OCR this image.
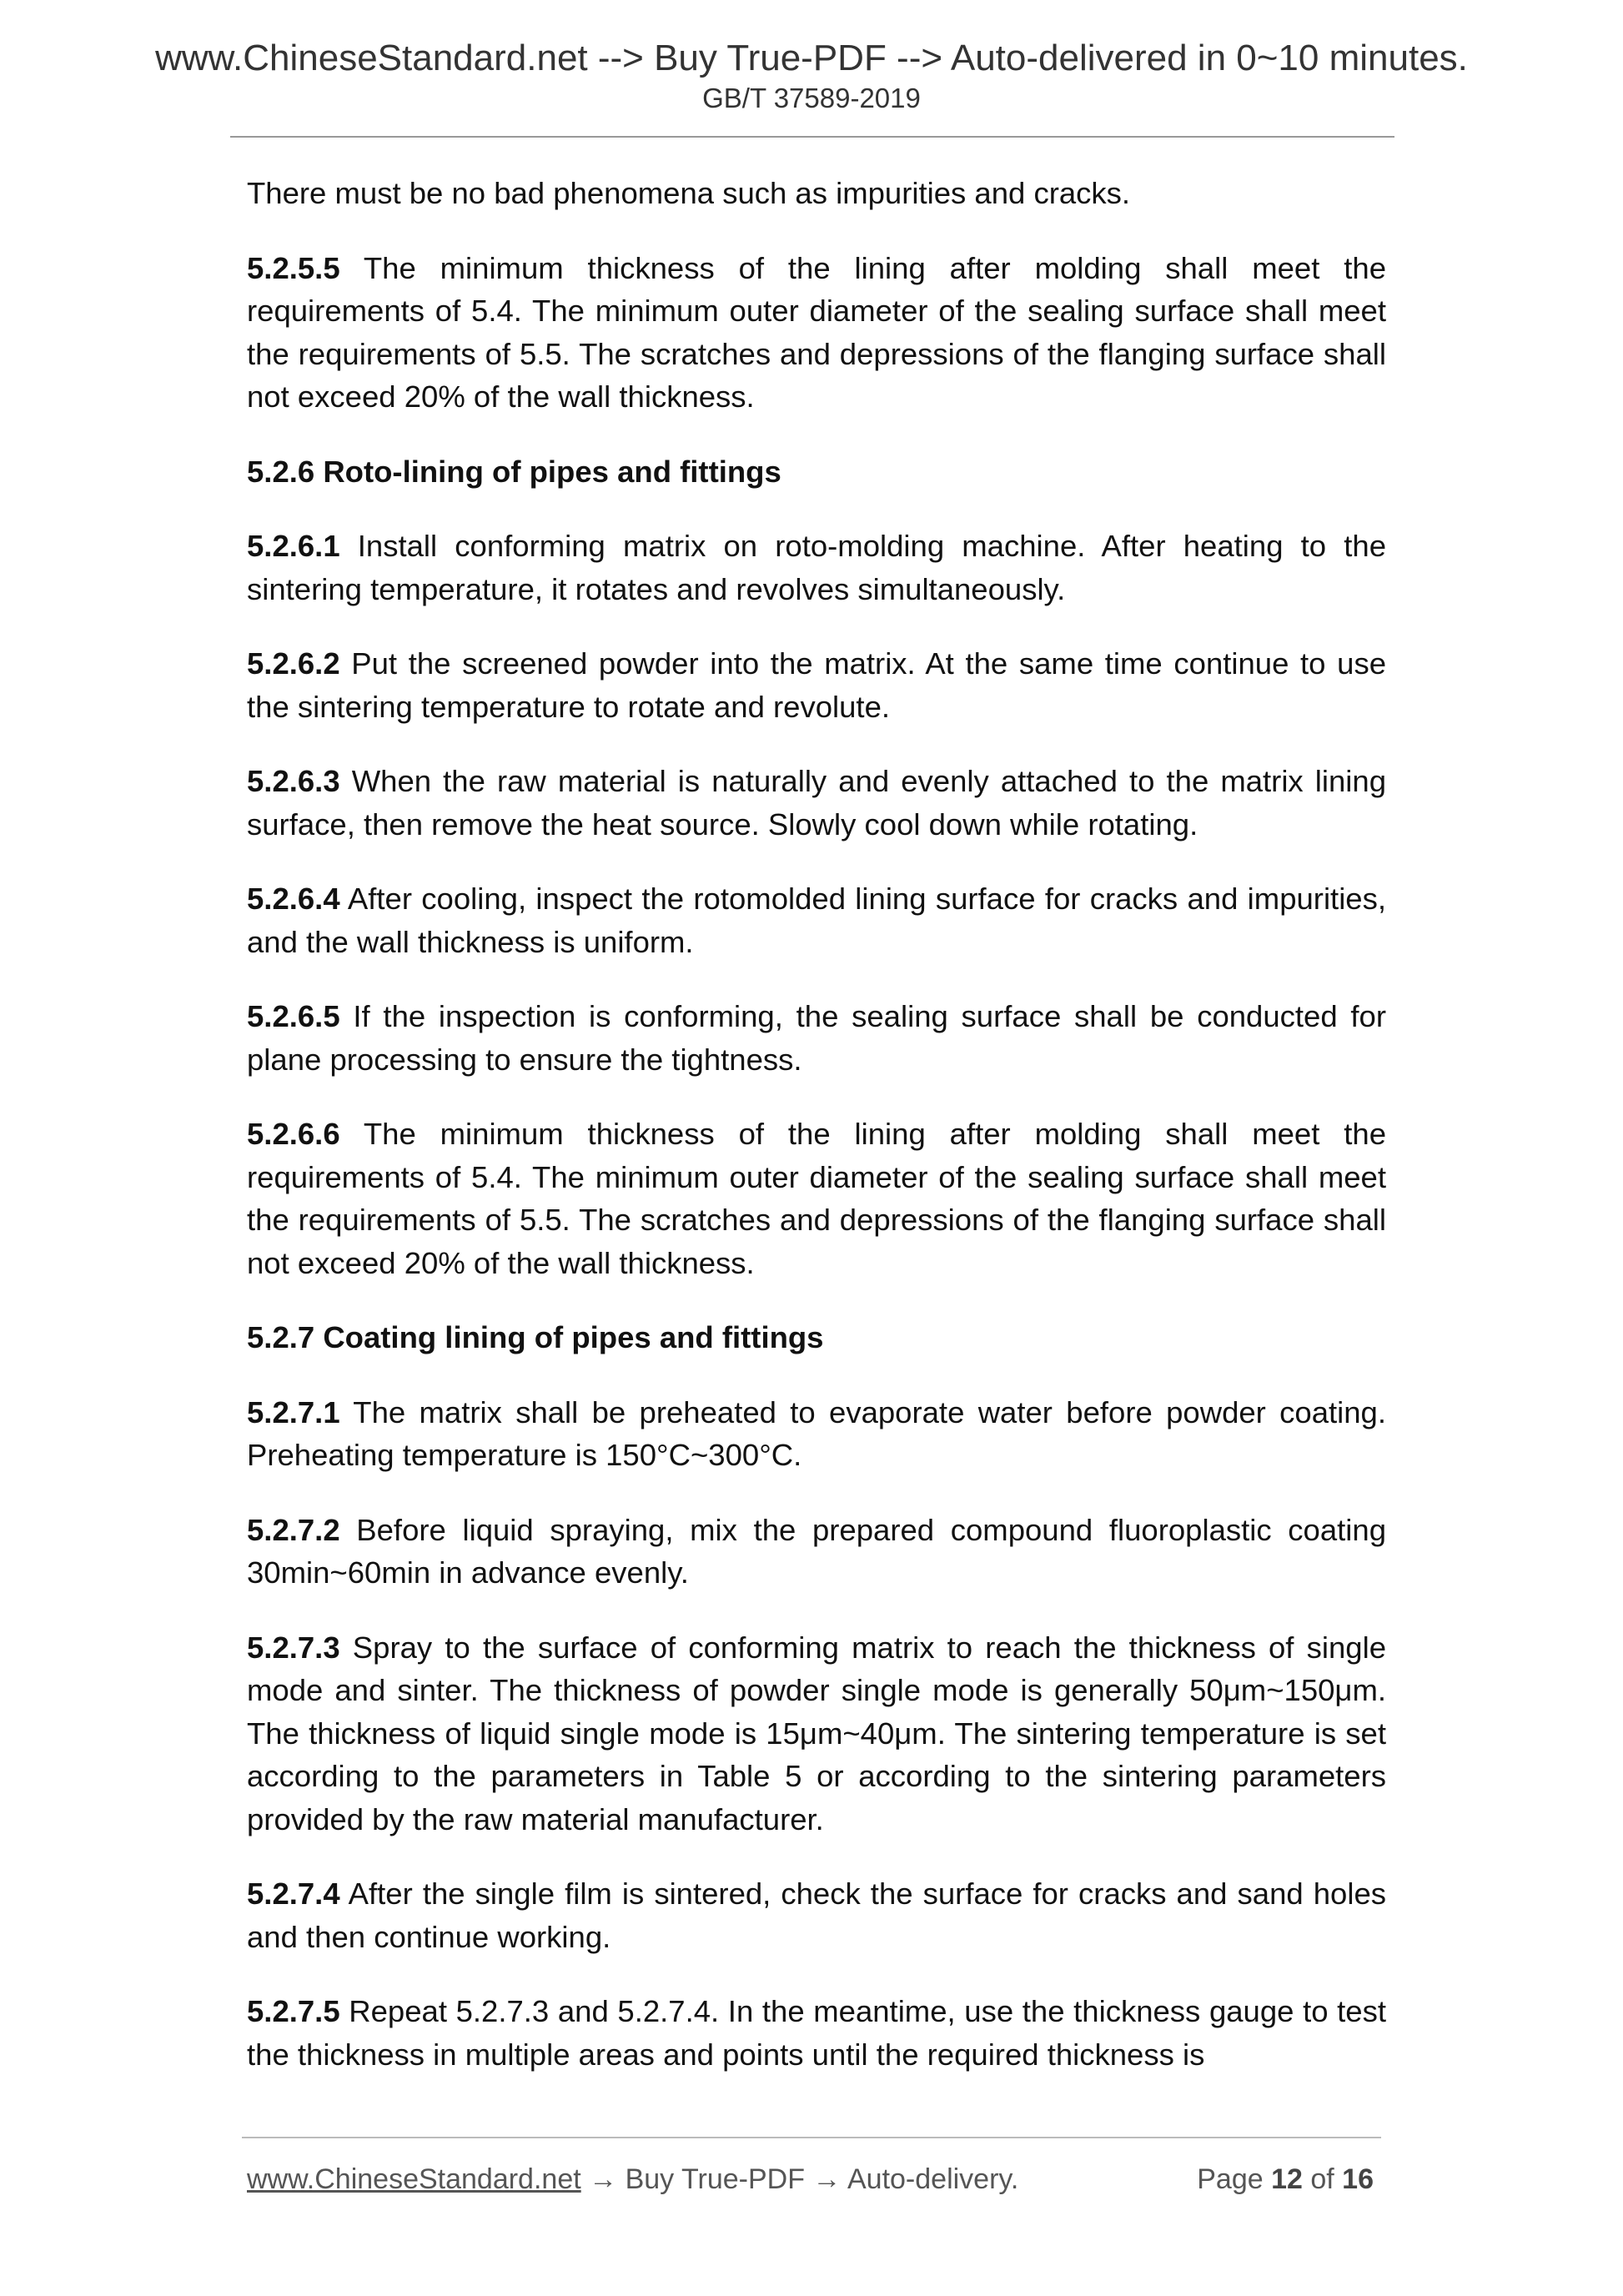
www.ChineseStandard.net --> Buy True-PDF --> Auto-delivered in 0~10 minutes.
GB/T 37589-2019

There must be no bad phenomena such as impurities and cracks.

5.2.5.5 The minimum thickness of the lining after molding shall meet the requirements of 5.4. The minimum outer diameter of the sealing surface shall meet the requirements of 5.5. The scratches and depressions of the flanging surface shall not exceed 20% of the wall thickness.

5.2.6 Roto-lining of pipes and fittings

5.2.6.1 Install conforming matrix on roto-molding machine. After heating to the sintering temperature, it rotates and revolves simultaneously.

5.2.6.2 Put the screened powder into the matrix. At the same time continue to use the sintering temperature to rotate and revolute.

5.2.6.3 When the raw material is naturally and evenly attached to the matrix lining surface, then remove the heat source. Slowly cool down while rotating.

5.2.6.4 After cooling, inspect the rotomolded lining surface for cracks and impurities, and the wall thickness is uniform.

5.2.6.5 If the inspection is conforming, the sealing surface shall be conducted for plane processing to ensure the tightness.

5.2.6.6 The minimum thickness of the lining after molding shall meet the requirements of 5.4. The minimum outer diameter of the sealing surface shall meet the requirements of 5.5. The scratches and depressions of the flanging surface shall not exceed 20% of the wall thickness.

5.2.7 Coating lining of pipes and fittings

5.2.7.1 The matrix shall be preheated to evaporate water before powder coating. Preheating temperature is 150°C~300°C.

5.2.7.2 Before liquid spraying, mix the prepared compound fluoroplastic coating 30min~60min in advance evenly.

5.2.7.3 Spray to the surface of conforming matrix to reach the thickness of single mode and sinter. The thickness of powder single mode is generally 50μm~150μm. The thickness of liquid single mode is 15μm~40μm. The sintering temperature is set according to the parameters in Table 5 or according to the sintering parameters provided by the raw material manufacturer.

5.2.7.4 After the single film is sintered, check the surface for cracks and sand holes and then continue working.

5.2.7.5 Repeat 5.2.7.3 and 5.2.7.4. In the meantime, use the thickness gauge to test the thickness in multiple areas and points until the required thickness is

www.ChineseStandard.net → Buy True-PDF → Auto-delivery.	Page 12 of 16
